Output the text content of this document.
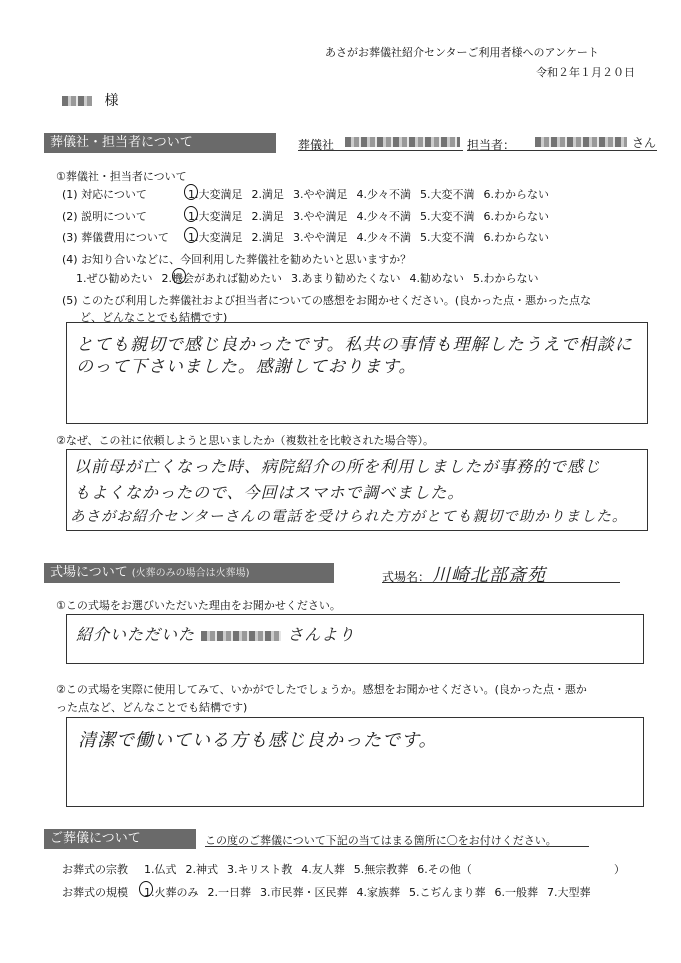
あさがお葬儀社紹介センターご利用者様へのアンケート
令和２年１月２０日
様
葬儀社・担当者について	葬儀社	担当者：	さん
①葬儀社・担当者について
(1) 対応について	1.大変満足 2.満足 3.やや満足 4.少々不満 5.大変不満 6.わからない
(2) 説明について	1.大変満足 2.満足 3.やや満足 4.少々不満 5.大変不満 6.わからない
(3) 葬儀費用について 1.大変満足 2.満足 3.やや満足 4.少々不満 5.大変不満 6.わからない
(4) お知り合いなどに、今回利用した葬儀社を勧めたいと思いますか？
1.ぜひ勧めたい 2.機会があれば勧めたい 3.あまり勧めたくない 4.勧めない 5.わからない
(5) このたび利用した葬儀社および担当者についての感想をお聞かせください。(良かった点・悪かった点な
ど、どんなことでも結構です)
とても親切で感じ良かったです。私共の事情も理解したうえで相談に
のって下さいました。感謝しております。
②なぜ、この社に依頼しようと思いましたか（複数社を比較された場合等）。
以前母が亡くなった時、病院紹介の所を利用しましたが事務的で感じ
もよくなかったので、今回はスマホで調べました。
あさがお紹介センターさんの電話を受けられた方がとても親切で助かりました。
式場について (火葬のみの場合は火葬場)	式場名： 川崎北部斎苑
①この式場をお選びいただいた理由をお聞かせください。
紹介いただいた	さんより
②この式場を実際に使用してみて、いかがでしたでしょうか。感想をお聞かせください。(良かった点・悪か
った点など、どんなことでも結構です)
清潔で働いている方も感じ良かったです。
ご葬儀について	この度のご葬儀について下記の当てはまる箇所に〇をお付けください。
お葬式の宗教 1.仏式 2.神式 3.キリスト教 4.友人葬 5.無宗教葬 6.その他（	）
お葬式の規模 1.火葬のみ 2.一日葬 3.市民葬・区民葬 4.家族葬 5.こぢんまり葬 6.一般葬 7.大型葬
